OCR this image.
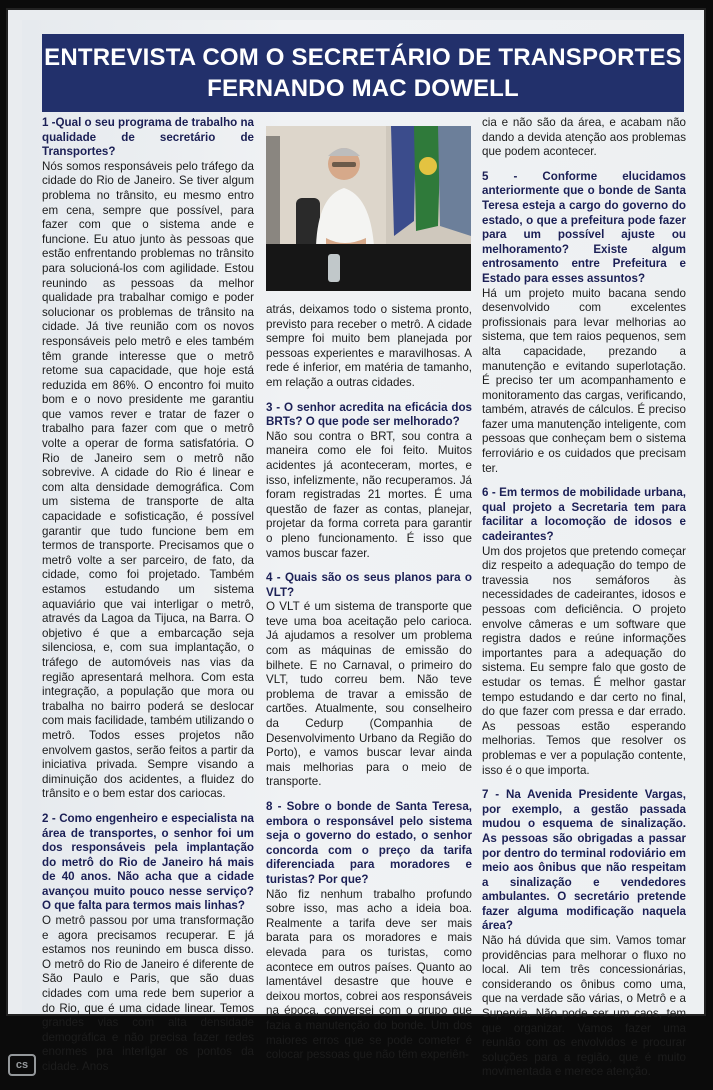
ENTREVISTA COM O SECRETÁRIO DE TRANSPORTES
FERNANDO MAC DOWELL

1 -Qual o seu programa de trabalho na qualidade de secretário de Transportes?

Nós somos responsáveis pelo tráfego da cidade do Rio de Janeiro. Se tiver algum problema no trânsito, eu mesmo entro em cena, sempre que possível, para fazer com que o sistema ande e funcione. Eu atuo junto às pessoas que estão enfrentando problemas no trânsito para solucioná-los com agilidade. Estou reunindo as pessoas da melhor qualidade pra trabalhar comigo e poder solucionar os problemas de trânsito na cidade. Já tive reunião com os novos responsáveis pelo metrô e eles também têm grande interesse que o metrô retome sua capacidade, que hoje está reduzida em 86%. O encontro foi muito bom e o novo presidente me garantiu que vamos rever e tratar de fazer o trabalho para fazer com que o metrô volte a operar de forma satisfatória. O Rio de Janeiro sem o metrô não sobrevive. A cidade do Rio é linear e com alta densidade demográfica. Com um sistema de transporte de alta capacidade e sofisticação, é possível garantir que tudo funcione bem em termos de transporte. Precisamos que o metrô volte a ser parceiro, de fato, da cidade, como foi projetado. Também estamos estudando um sistema aquaviário que vai interligar o metrô, através da Lagoa da Tijuca, na Barra. O objetivo é que a embarcação seja silenciosa, e, com sua implantação, o tráfego de automóveis nas vias da região apresentará melhora. Com esta integração, a população que mora ou trabalha no bairro poderá se deslocar com mais facilidade, também utilizando o metrô. Todos esses projetos não envolvem gastos, serão feitos a partir da iniciativa privada. Sempre visando a diminuição dos acidentes, a fluidez do trânsito e o bem estar dos cariocas.

2 - Como engenheiro e especialista na área de transportes, o senhor foi um dos responsáveis pela implantação do metrô do Rio de Janeiro há mais de 40 anos. Não acha que a cidade avançou muito pouco nesse serviço? O que falta para termos mais linhas?

O metrô passou por uma transformação e agora precisamos recuperar. E já estamos nos reunindo em busca disso. O metrô do Rio de Janeiro é diferente de São Paulo e Paris, que são duas cidades com uma rede bem superior a do Rio, que é uma cidade linear. Temos grandes vias com alta densidade demográfica e não precisa fazer redes enormes pra interligar os pontos da cidade. Anos

atrás, deixamos todo o sistema pronto, previsto para receber o metrô. A cidade sempre foi muito bem planejada por pessoas experientes e maravilhosas. A rede é inferior, em matéria de tamanho, em relação a outras cidades.

3 - O senhor acredita na eficácia dos BRTs? O que pode ser melhorado?

Não sou contra o BRT, sou contra a maneira como ele foi feito. Muitos acidentes já aconteceram, mortes, e isso, infelizmente, não recuperamos. Já foram registradas 21 mortes. É uma questão de fazer as contas, planejar, projetar da forma correta para garantir o pleno funcionamento. É isso que vamos buscar fazer.

4 - Quais são os seus planos para o VLT?

O VLT é um sistema de transporte que teve uma boa aceitação pelo carioca. Já ajudamos a resolver um problema com as máquinas de emissão do bilhete. E no Carnaval, o primeiro do VLT, tudo correu bem. Não teve problema de travar a emissão de cartões. Atualmente, sou conselheiro da Cedurp (Companhia de Desenvolvimento Urbano da Região do Porto), e vamos buscar levar ainda mais melhorias para o meio de transporte.

8 - Sobre o bonde de Santa Teresa, embora o responsável pelo sistema seja o governo do estado, o senhor concorda com o preço da tarifa diferenciada para moradores e turistas? Por que?

Não fiz nenhum trabalho profundo sobre isso, mas acho a ideia boa. Realmente a tarifa deve ser mais barata para os moradores e mais elevada para os turistas, como acontece em outros países. Quanto ao lamentável desastre que houve e deixou mortos, cobrei aos responsáveis na época, conversei com o grupo que fazia a manutenção do bonde. Um dos maiores erros que se pode cometer é colocar pessoas que não têm experiên-

cia e não são da área, e acabam não dando a devida atenção aos problemas que podem acontecer.

5 - Conforme elucidamos anteriormente que o bonde de Santa Teresa esteja a cargo do governo do estado, o que a prefeitura pode fazer para um possível ajuste ou melhoramento? Existe algum entrosamento entre Prefeitura e Estado para esses assuntos?

Há um projeto muito bacana sendo desenvolvido com excelentes profissionais para levar melhorias ao sistema, que tem raios pequenos, sem alta capacidade, prezando a manutenção e evitando superlotação. É preciso ter um acompanhamento e monitoramento das cargas, verificando, também, através de cálculos. É preciso fazer uma manutenção inteligente, com pessoas que conheçam bem o sistema ferroviário e os cuidados que precisam ter.

6 - Em termos de mobilidade urbana, qual projeto a Secretaria tem para facilitar a locomoção de idosos e cadeirantes?

Um dos projetos que pretendo começar diz respeito a adequação do tempo de travessia nos semáforos às necessidades de cadeirantes, idosos e pessoas com deficiência. O projeto envolve câmeras e um software que registra dados e reúne informações importantes para a adequação do sistema. Eu sempre falo que gosto de estudar os temas. É melhor gastar tempo estudando e dar certo no final, do que fazer com pressa e dar errado. As pessoas estão esperando melhorias. Temos que resolver os problemas e ver a população contente, isso é o que importa.

7 - Na Avenida Presidente Vargas, por exemplo, a gestão passada mudou o esquema de sinalização. As pessoas são obrigadas a passar por dentro do terminal rodoviário em meio aos ônibus que não respeitam a sinalização e vendedores ambulantes. O secretário pretende fazer alguma modificação naquela área?

Não há dúvida que sim. Vamos tomar providências para melhorar o fluxo no local. Ali tem três concessionárias, considerando os ônibus como uma, que na verdade são várias, o Metrô e a Supervia. Não pode ser um caos, tem que organizar. Vamos fazer uma reunião com os envolvidos e procurar soluções para a região, que é muito movimentada e merece atenção.

cs
